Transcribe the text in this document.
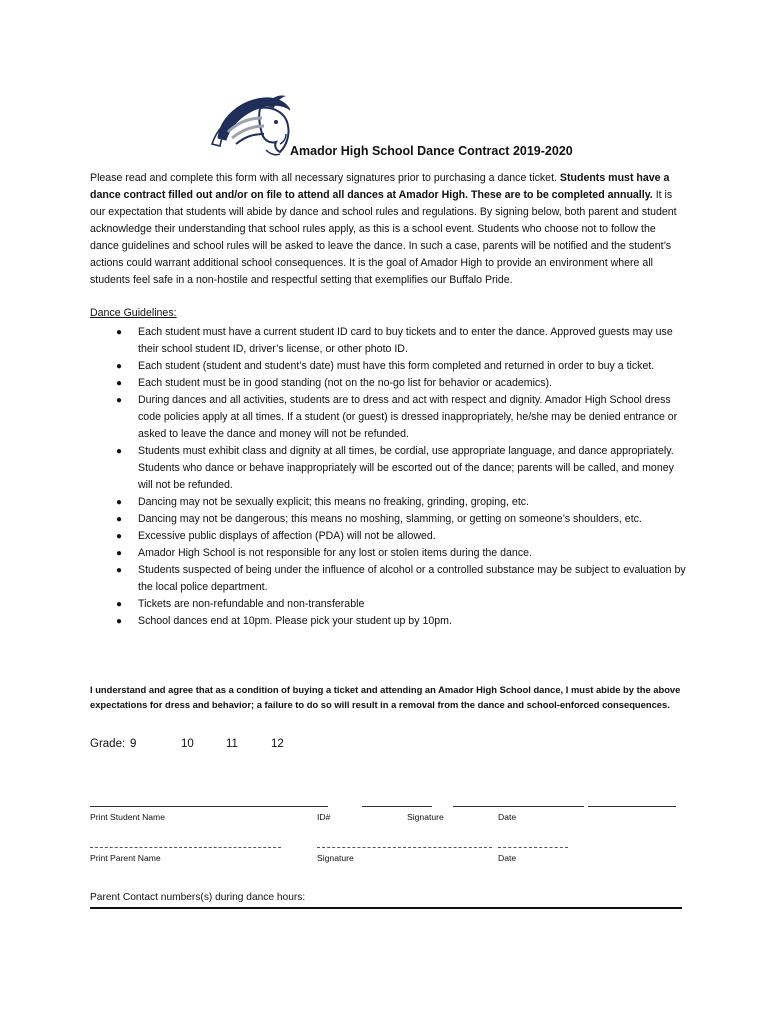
Amador High School Dance Contract 2019-2020

Please read and complete this form with all necessary signatures prior to purchasing a dance ticket. Students must have a dance contract filled out and/or on file to attend all dances at Amador High. These are to be completed annually. It is our expectation that students will abide by dance and school rules and regulations. By signing below, both parent and student acknowledge their understanding that school rules apply, as this is a school event. Students who choose not to follow the dance guidelines and school rules will be asked to leave the dance. In such a case, parents will be notified and the student’s actions could warrant additional school consequences. It is the goal of Amador High to provide an environment where all students feel safe in a non-hostile and respectful setting that exemplifies our Buffalo Pride.

Dance Guidelines:
● Each student must have a current student ID card to buy tickets and to enter the dance. Approved guests may use their school student ID, driver’s license, or other photo ID.
● Each student (student and student’s date) must have this form completed and returned in order to buy a ticket.
● Each student must be in good standing (not on the no-go list for behavior or academics).
● During dances and all activities, students are to dress and act with respect and dignity. Amador High School dress code policies apply at all times. If a student (or guest) is dressed inappropriately, he/she may be denied entrance or asked to leave the dance and money will not be refunded.
● Students must exhibit class and dignity at all times, be cordial, use appropriate language, and dance appropriately. Students who dance or behave inappropriately will be escorted out of the dance; parents will be called, and money will not be refunded.
● Dancing may not be sexually explicit; this means no freaking, grinding, groping, etc.
● Dancing may not be dangerous; this means no moshing, slamming, or getting on someone’s shoulders, etc.
● Excessive public displays of affection (PDA) will not be allowed.
● Amador High School is not responsible for any lost or stolen items during the dance.
● Students suspected of being under the influence of alcohol or a controlled substance may be subject to evaluation by the local police department.
● Tickets are non-refundable and non-transferable
● School dances end at 10pm. Please pick your student up by 10pm.

I understand and agree that as a condition of buying a ticket and attending an Amador High School dance, I must abide by the above expectations for dress and behavior; a failure to do so will result in a removal from the dance and school-enforced consequences.

Grade: 9	10	11	12
Print Student Name	ID#	Signature	Date
Print Parent Name	Signature	Date
Parent Contact numbers(s) during dance hours:
